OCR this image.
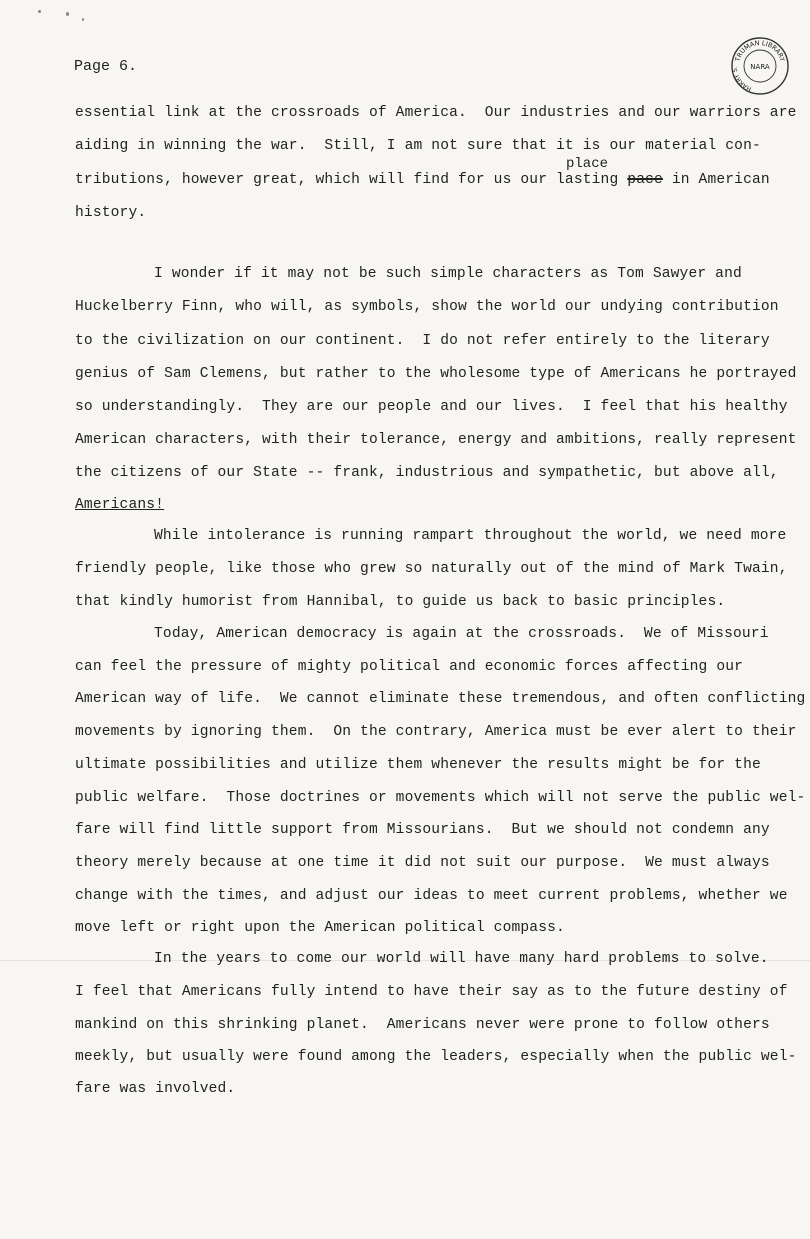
Page 6.	TRUMAN LIBRARY
HARRY S.	NARA
essential link at the crossroads of America.  Our industries and our warriors are
aiding in winning the war.  Still, I am not sure that it is our material con-
place
tributions, however great, which will find for us our lasting pace in American
history.
I wonder if it may not be such simple characters as Tom Sawyer and
Huckelberry Finn, who will, as symbols, show the world our undying contribution
to the civilization on our continent.  I do not refer entirely to the literary
genius of Sam Clemens, but rather to the wholesome type of Americans he portrayed
so understandingly.  They are our people and our lives.  I feel that his healthy
American characters, with their tolerance, energy and ambitions, really represent
the citizens of our State -- frank, industrious and sympathetic, but above all,
Americans!
While intolerance is running rampart throughout the world, we need more
friendly people, like those who grew so naturally out of the mind of Mark Twain,
that kindly humorist from Hannibal, to guide us back to basic principles.
Today, American democracy is again at the crossroads.  We of Missouri
can feel the pressure of mighty political and economic forces affecting our
American way of life.  We cannot eliminate these tremendous, and often conflicting
movements by ignoring them.  On the contrary, America must be ever alert to their
ultimate possibilities and utilize them whenever the results might be for the
public welfare.  Those doctrines or movements which will not serve the public wel-
fare will find little support from Missourians.  But we should not condemn any
theory merely because at one time it did not suit our purpose.  We must always
change with the times, and adjust our ideas to meet current problems, whether we
move left or right upon the American political compass.
In the years to come our world will have many hard problems to solve.
I feel that Americans fully intend to have their say as to the future destiny of
mankind on this shrinking planet.  Americans never were prone to follow others
meekly, but usually were found among the leaders, especially when the public wel-
fare was involved.
